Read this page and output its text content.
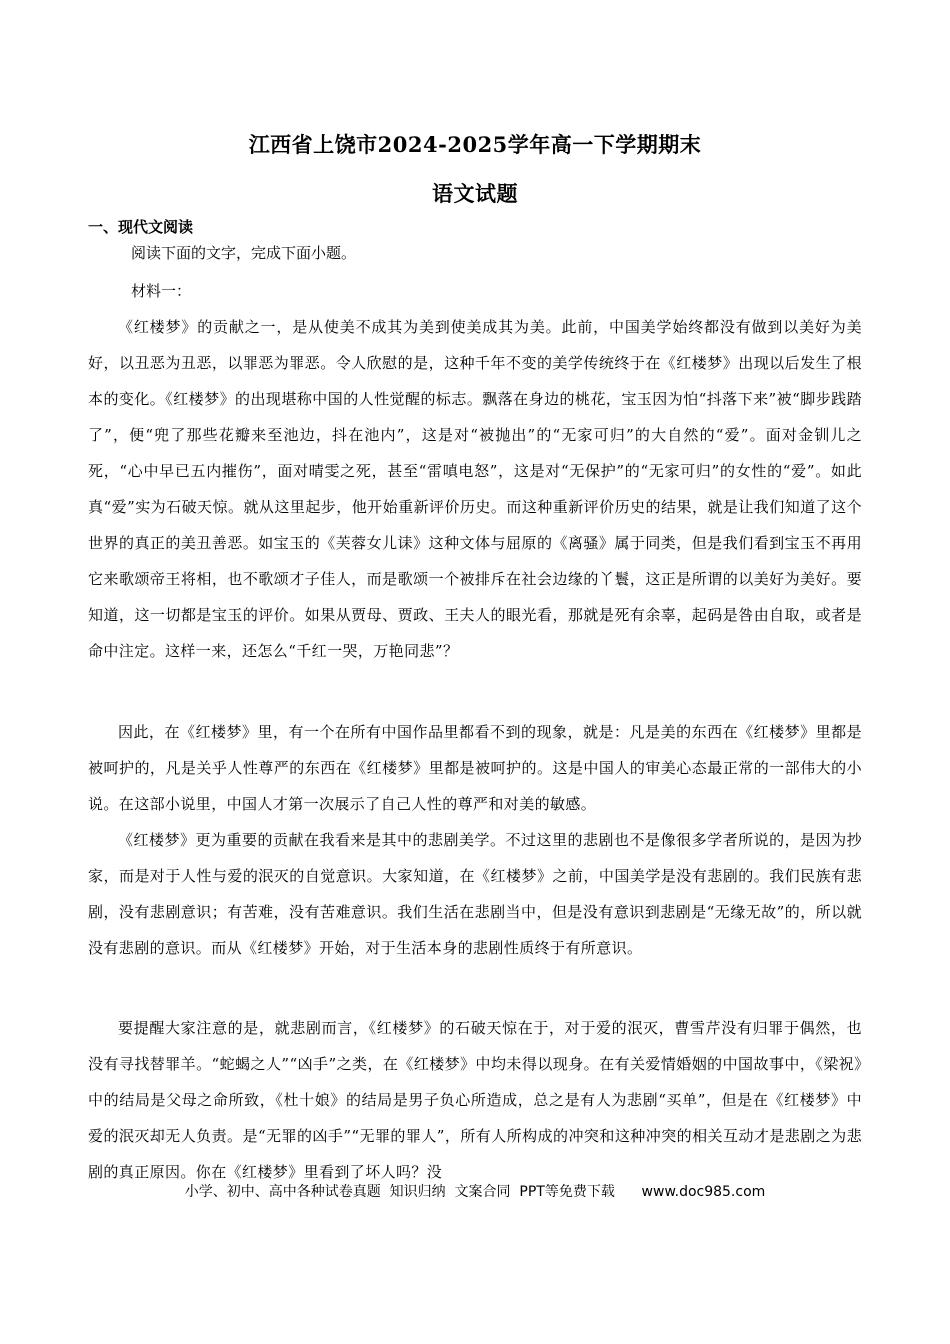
江西省上饶市2024-2025学年高一下学期期末
语文试题
一、现代文阅读
阅读下面的文字，完成下面小题。
材料一：

《红楼梦》的贡献之一，是从使美不成其为美到使美成其为美。此前，中国美学始终都没有做到以美好为美好，以丑恶为丑恶，以罪恶为罪恶。令人欣慰的是，这种千年不变的美学传统终于在《红楼梦》出现以后发生了根本的变化。《红楼梦》的出现堪称中国的人性觉醒的标志。飘落在身边的桃花，宝玉因为怕“抖落下来”被“脚步践踏了”，便“兜了那些花瓣来至池边，抖在池内”，这是对“被抛出”的“无家可归”的大自然的“爱”。面对金钏儿之死，“心中早已五内摧伤”，面对晴雯之死，甚至“雷嗔电怒”，这是对“无保护”的“无家可归”的女性的“爱”。如此真“爱”实为石破天惊。就从这里起步，他开始重新评价历史。而这种重新评价历史的结果，就是让我们知道了这个世界的真正的美丑善恶。如宝玉的《芙蓉女儿诔》这种文体与屈原的《离骚》属于同类，但是我们看到宝玉不再用它来歌颂帝王将相，也不歌颂才子佳人，而是歌颂一个被排斥在社会边缘的丫鬟，这正是所谓的以美好为美好。要知道，这一切都是宝玉的评价。如果从贾母、贾政、王夫人的眼光看，那就是死有余辜，起码是咎由自取，或者是命中注定。这样一来，还怎么“千红一哭，万艳同悲”？

因此，在《红楼梦》里，有一个在所有中国作品里都看不到的现象，就是：凡是美的东西在《红楼梦》里都是被呵护的，凡是关乎人性尊严的东西在《红楼梦》里都是被呵护的。这是中国人的审美心态最正常的一部伟大的小说。在这部小说里，中国人才第一次展示了自己人性的尊严和对美的敏感。

《红楼梦》更为重要的贡献在我看来是其中的悲剧美学。不过这里的悲剧也不是像很多学者所说的，是因为抄家，而是对于人性与爱的泯灭的自觉意识。大家知道，在《红楼梦》之前，中国美学是没有悲剧的。我们民族有悲剧，没有悲剧意识；有苦难，没有苦难意识。我们生活在悲剧当中，但是没有意识到悲剧是“无缘无故”的，所以就没有悲剧的意识。而从《红楼梦》开始，对于生活本身的悲剧性质终于有所意识。

要提醒大家注意的是，就悲剧而言，《红楼梦》的石破天惊在于，对于爱的泯灭，曹雪芹没有归罪于偶然，也没有寻找替罪羊。“蛇蝎之人”“凶手”之类，在《红楼梦》中均未得以现身。在有关爱情婚姻的中国故事中，《梁祝》中的结局是父母之命所致，《杜十娘》的结局是男子负心所造成，总之是有人为悲剧“买单”，但是在《红楼梦》中爱的泯灭却无人负责。是“无罪的凶手”“无罪的罪人”，所有人所构成的冲突和这种冲突的相关互动才是悲剧之为悲剧的真正原因。你在《红楼梦》里看到了坏人吗？没

小学、初中、高中各种试卷真题  知识归纳  文案合同  PPT等免费下载 www.doc985.com
